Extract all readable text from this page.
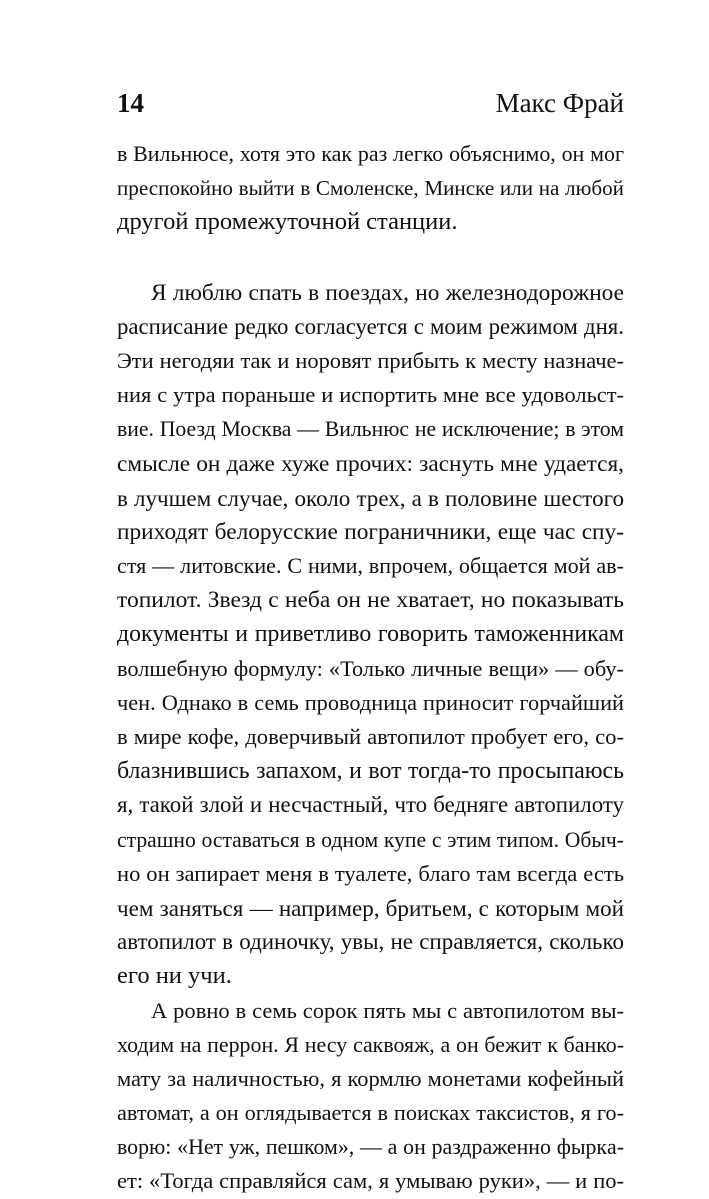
14	Макс Фрай
в Вильнюсе, хотя это как раз легко объяснимо, он мог
преспокойно выйти в Смоленске, Минске или на любой
другой промежуточной станции.
Я люблю спать в поездах, но железнодорожное
расписание редко согласуется с моим режимом дня.
Эти негодяи так и норовят прибыть к месту назначе-
ния с утра пораньше и испортить мне все удовольст-
вие. Поезд Москва — Вильнюс не исключение; в этом
смысле он даже хуже прочих: заснуть мне удается,
в лучшем случае, около трех, а в половине шестого
приходят белорусские пограничники, еще час спу-
стя — литовские. С ними, впрочем, общается мой ав-
топилот. Звезд с неба он не хватает, но показывать
документы и приветливо говорить таможенникам
волшебную формулу: «Только личные вещи» — обу-
чен. Однако в семь проводница приносит горчайший
в мире кофе, доверчивый автопилот пробует его, со-
блазнившись запахом, и вот тогда-то просыпаюсь
я, такой злой и несчастный, что бедняге автопилоту
страшно оставаться в одном купе с этим типом. Обыч-
но он запирает меня в туалете, благо там всегда есть
чем заняться — например, бритьем, с которым мой
автопилот в одиночку, увы, не справляется, сколько
его ни учи.
А ровно в семь сорок пять мы с автопилотом вы-
ходим на перрон. Я несу саквояж, а он бежит к банко-
мату за наличностью, я кормлю монетами кофейный
автомат, а он оглядывается в поисках таксистов, я го-
ворю: «Нет уж, пешком», — а он раздраженно фыркa-
ет: «Тогда справляйся сам, я умываю руки», — и по-
